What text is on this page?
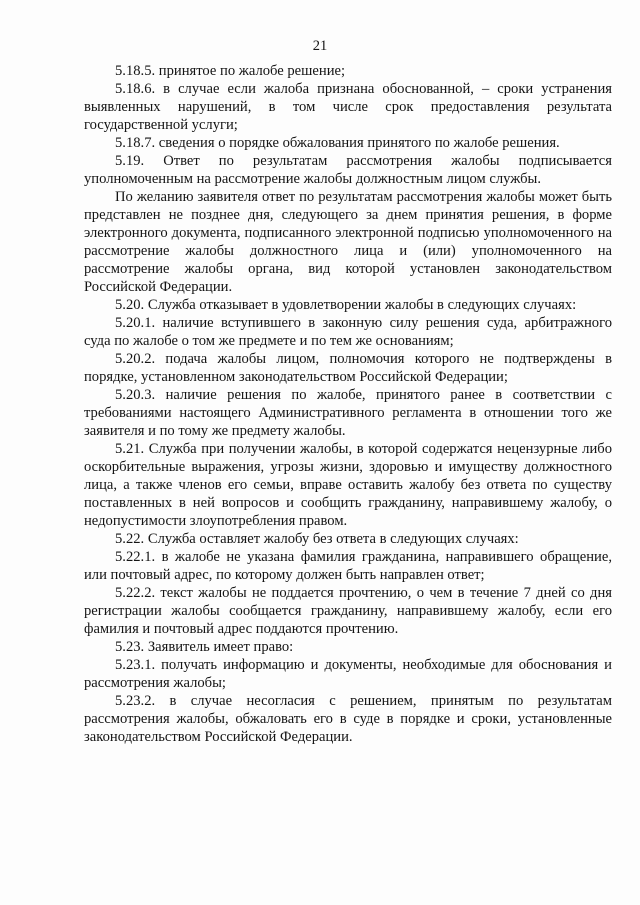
21

5.18.5. принятое по жалобе решение;

5.18.6. в случае если жалоба признана обоснованной, – сроки устранения выявленных нарушений, в том числе срок предоставления результата государственной услуги;

5.18.7. сведения о порядке обжалования принятого по жалобе решения.

5.19. Ответ по результатам рассмотрения жалобы подписывается уполномоченным на рассмотрение жалобы должностным лицом службы.

По желанию заявителя ответ по результатам рассмотрения жалобы может быть представлен не позднее дня, следующего за днем принятия решения, в форме электронного документа, подписанного электронной подписью уполномоченного на рассмотрение жалобы должностного лица и (или) уполномоченного на рассмотрение жалобы органа, вид которой установлен законодательством Российской Федерации.

5.20. Служба отказывает в удовлетворении жалобы в следующих случаях:

5.20.1. наличие вступившего в законную силу решения суда, арбитражного суда по жалобе о том же предмете и по тем же основаниям;

5.20.2. подача жалобы лицом, полномочия которого не подтверждены в порядке, установленном законодательством Российской Федерации;

5.20.3. наличие решения по жалобе, принятого ранее в соответствии с требованиями настоящего Административного регламента в отношении того же заявителя и по тому же предмету жалобы.

5.21. Служба при получении жалобы, в которой содержатся нецензурные либо оскорбительные выражения, угрозы жизни, здоровью и имуществу должностного лица, а также членов его семьи, вправе оставить жалобу без ответа по существу поставленных в ней вопросов и сообщить гражданину, направившему жалобу, о недопустимости злоупотребления правом.

5.22. Служба оставляет жалобу без ответа в следующих случаях:

5.22.1. в жалобе не указана фамилия гражданина, направившего обращение, или почтовый адрес, по которому должен быть направлен ответ;

5.22.2. текст жалобы не поддается прочтению, о чем в течение 7 дней со дня регистрации жалобы сообщается гражданину, направившему жалобу, если его фамилия и почтовый адрес поддаются прочтению.

5.23. Заявитель имеет право:

5.23.1. получать информацию и документы, необходимые для обоснования и рассмотрения жалобы;

5.23.2. в случае несогласия с решением, принятым по результатам рассмотрения жалобы, обжаловать его в суде в порядке и сроки, установленные законодательством Российской Федерации.
